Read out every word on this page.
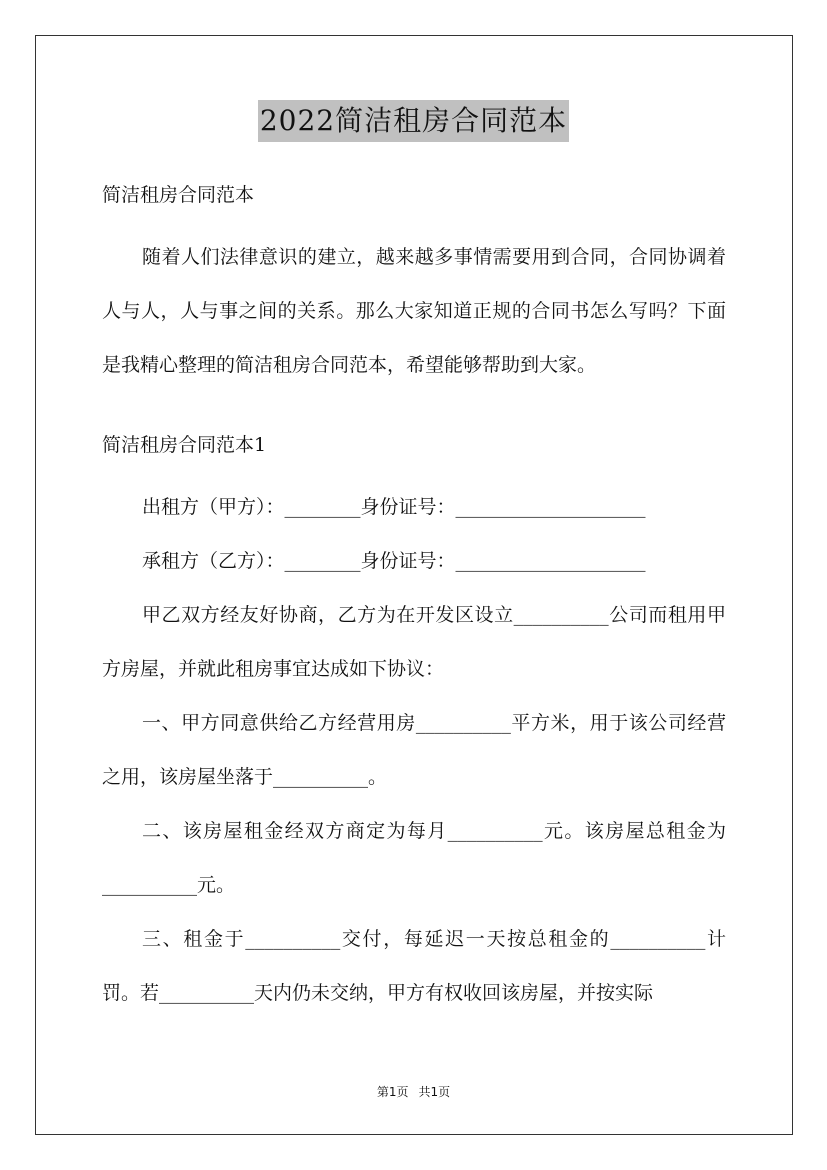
2022简洁租房合同范本
简洁租房合同范本
随着人们法律意识的建立，越来越多事情需要用到合同，合同协调着人与人，人与事之间的关系。那么大家知道正规的合同书怎么写吗？下面是我精心整理的简洁租房合同范本，希望能够帮助到大家。
简洁租房合同范本1
出租方（甲方）：________身份证号：____________________
承租方（乙方）：________身份证号：____________________
甲乙双方经友好协商，乙方为在开发区设立__________公司而租用甲方房屋，并就此租房事宜达成如下协议：
一、甲方同意供给乙方经营用房__________平方米，用于该公司经营之用，该房屋坐落于__________。
二、该房屋租金经双方商定为每月__________元。该房屋总租金为__________元。
三、租金于__________交付，每延迟一天按总租金的__________计罚。若__________天内仍未交纳，甲方有权收回该房屋，并按实际
第1页 共1页
